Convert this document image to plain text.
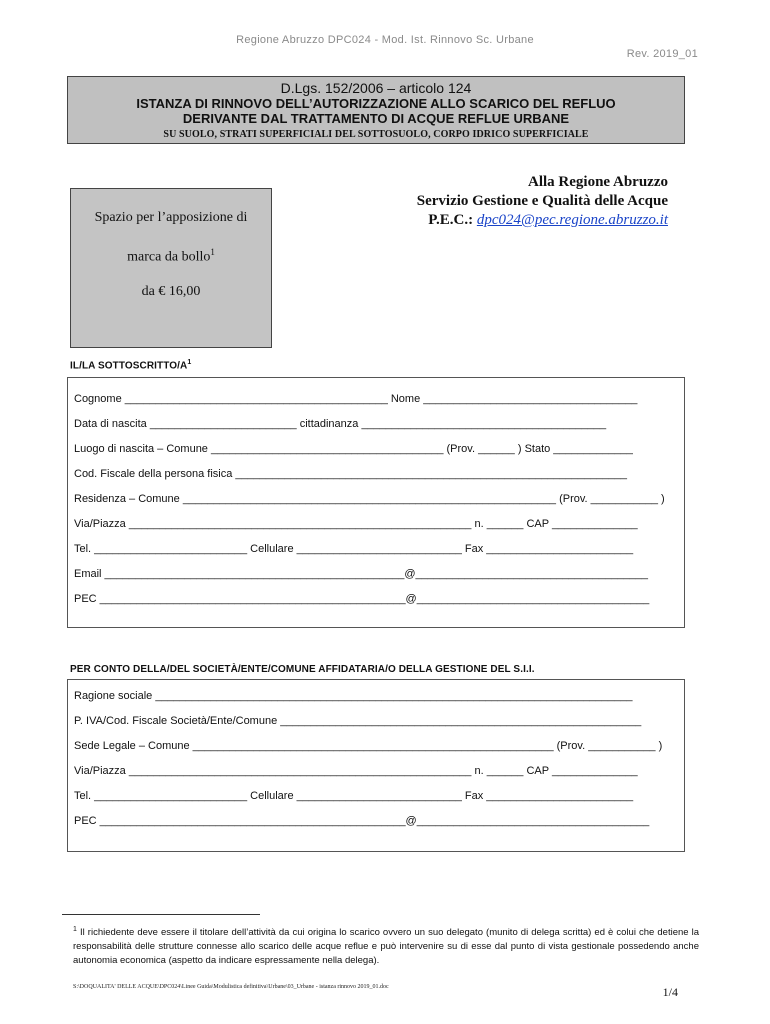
Regione Abruzzo DPC024 - Mod. Ist. Rinnovo Sc. Urbane
Rev. 2019_01
D.Lgs. 152/2006 – articolo 124
ISTANZA DI RINNOVO DELL’AUTORIZZAZIONE ALLO SCARICO DEL REFLUO
DERIVANTE DAL TRATTAMENTO DI ACQUE REFLUE URBANE
SU SUOLO, STRATI SUPERFICIALI DEL SOTTOSUOLO, CORPO IDRICO SUPERFICIALE
Alla Regione Abruzzo
Servizio Gestione e Qualità delle Acque
P.E.C.: dpc024@pec.regione.abruzzo.it
Spazio per l’apposizione di
marca da bollo$^1$
da € 16,00
IL/LA SOTTOSCRITTO/$A^1$
Cognome ___________________________________________ Nome ___________________________________
Data di nascita ________________________ cittadinanza ________________________________________
Luogo di nascita – Comune ______________________________________ (Prov. ______ ) Stato _____________
Cod. Fiscale della persona fisica ________________________________________________________________
Residenza – Comune _____________________________________________________________ (Prov. ___________ )
Via/Piazza ________________________________________________________ n. ______ CAP ______________
Tel. _________________________ Cellulare ___________________________ Fax ________________________
Email _________________________________________________@______________________________________
PEC __________________________________________________@______________________________________
PER CONTO DELLA/DEL SOCIETÀ/ENTE/COMUNE AFFIDATARIA/O DELLA GESTIONE DEL S.I.I.
Ragione sociale ______________________________________________________________________________
P. IVA/Cod. Fiscale Società/Ente/Comune ___________________________________________________________
Sede Legale – Comune ___________________________________________________________ (Prov. ___________ )
Via/Piazza ________________________________________________________ n. ______ CAP ______________
Tel. _________________________ Cellulare ___________________________ Fax ________________________
PEC __________________________________________________@______________________________________
$^1$ Il richiedente deve essere il titolare dell’attività da cui origina lo scarico ovvero un suo delegato (munito di delega scritta) ed è colui che detiene la responsabilità delle strutture connesse allo scarico delle acque reflue e può intervenire su di esse dal punto di vista gestionale possedendo anche autonomia economica (aspetto da indicare espressamente nella delega).
S:\DOQUALITA' DELLE ACQUE\DPC024\Linee Guida\Modulistica definitiva\Urbane\03_Urbane - istanza rinnovo 2019_01.doc	1/4
